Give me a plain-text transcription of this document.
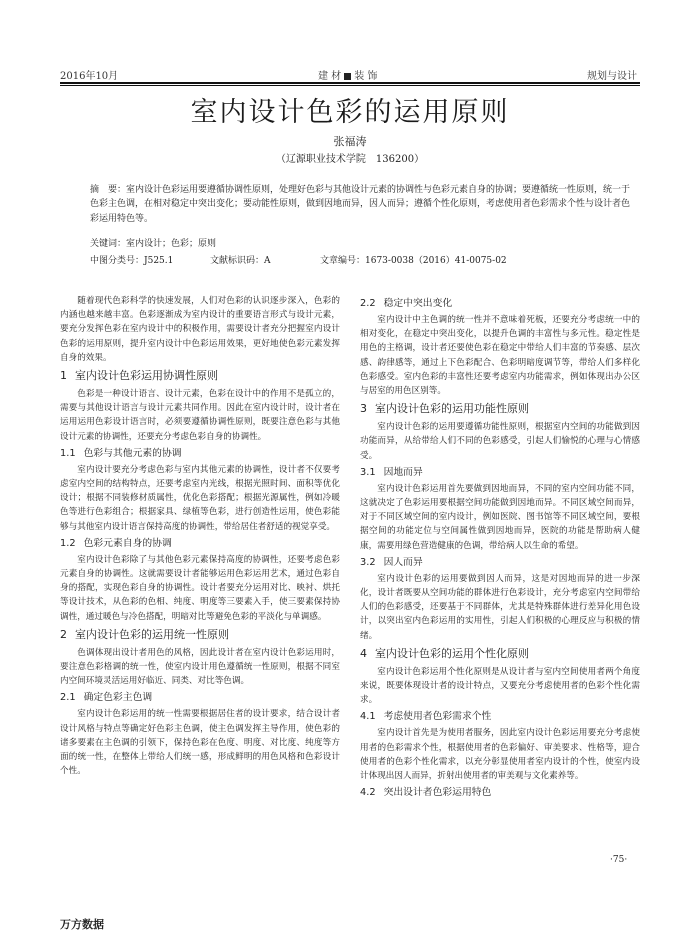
2016年10月	建 材 装 饰	规划与设计
室内设计色彩的运用原则
张福涛
（辽源职业技术学院　136200）
摘　要：室内设计色彩运用要遵循协调性原则，处理好色彩与其他设计元素的协调性与色彩元素自身的协调；要遵循统一性原则，统一于色彩主色调，在相对稳定中突出变化；要动能性原则，做到因地而异，因人而异；遵循个性化原则，考虑使用者色彩需求个性与设计者色彩运用特色等。
关键词：室内设计；色彩；原则
中图分类号：J525.1	文献标识码：A	文章编号：1673-0038（2016）41-0075-02
随着现代色彩科学的快速发展，人们对色彩的认识逐步深入，色彩的内涵也越来越丰富。色彩逐渐成为室内设计的重要语言形式与设计元素，要充分发挥色彩在室内设计中的积极作用，需要设计者充分把握室内设计色彩的运用原则，提升室内设计中色彩运用效果，更好地使色彩元素发挥自身的效果。
1 室内设计色彩运用协调性原则
色彩是一种设计语言、设计元素，色彩在设计中的作用不是孤立的，需要与其他设计语言与设计元素共同作用。因此在室内设计时，设计者在运用运用色彩设计语言时，必须要遵循协调性原则，既要注意色彩与其他设计元素的协调性，还要充分考虑色彩自身的协调性。
1.1 色彩与其他元素的协调
室内设计要充分考虑色彩与室内其他元素的协调性，设计者不仅要考虑室内空间的结构特点，还要考虑室内光线，根据光照时间、面积等优化设计；根据不同装修材质属性，优化色彩搭配；根据光源属性，例如冷暖色等进行色彩组合；根据家具、绿植等色彩，进行创造性运用，使色彩能够与其他室内设计语言保持高度的协调性，带给居住者舒适的视觉享受。
1.2 色彩元素自身的协调
室内设计色彩除了与其他色彩元素保持高度的协调性，还要考虑色彩元素自身的协调性。这就需要设计者能够运用色彩运用艺术，通过色彩自身的搭配，实现色彩自身的协调性。设计者要充分运用对比、映衬、烘托等设计技术，从色彩的色相、纯度、明度等三要素入手，使三要素保持协调性，通过暖色与冷色搭配，明暗对比等避免色彩的平淡化与单调感。
2 室内设计色彩的运用统一性原则
色调体现出设计者用色的风格，因此设计者在室内设计色彩运用时，要注意色彩格调的统一性，使室内设计用色遵循统一性原则，根据不同室内空间环境灵活运用好临近、同类、对比等色调。
2.1 确定色彩主色调
室内设计色彩运用的统一性需要根据居住者的设计要求，结合设计者设计风格与特点等确定好色彩主色调，使主色调发挥主导作用，使色彩的诸多要素在主色调的引领下，保持色彩在色度、明度、对比度、纯度等方面的统一性，在整体上带给人们统一感，形成鲜明的用色风格和色彩设计个性。
2.2 稳定中突出变化
室内设计中主色调的统一性并不意味着死板，还要充分考虑统一中的相对变化，在稳定中突出变化，以提升色调的丰富性与多元性。稳定性是用色的主格调，设计者还要使色彩在稳定中带给人们丰富的节奏感、层次感、韵律感等，通过上下色彩配合、色彩明暗度调节等，带给人们多样化色彩感受。室内色彩的丰富性还要考虑室内功能需求，例如体现出办公区与居室的用色区别等。
3 室内设计色彩的运用功能性原则
室内设计色彩的运用要遵循功能性原则，根据室内空间的功能做到因功能而异，从给带给人们不同的色彩感受，引起人们愉悦的心理与心情感受。
3.1 因地而异
室内设计色彩运用首先要做到因地而异，不同的室内空间功能不同，这就决定了色彩运用要根据空间功能做到因地而异。不同区域空间而异，对于不同区域空间的室内设计，例如医院、图书馆等不同区域空间，要根据空间的功能定位与空间属性做到因地而异，医院的功能是帮助病人健康，需要用绿色营造健康的色调，带给病人以生命的希望。
3.2 因人而异
室内设计色彩的运用要做到因人而异，这是对因地而异的进一步深化，设计者既要从空间功能的群体进行色彩设计，充分考虑室内空间带给人们的色彩感受，还要基于不同群体，尤其是特殊群体进行差异化用色设计，以突出室内色彩运用的实用性，引起人们积极的心理反应与积极的情绪。
4 室内设计色彩的运用个性化原则
室内设计色彩运用个性化原则是从设计者与室内空间使用者两个角度来说，既要体现设计者的设计特点，又要充分考虑使用者的色彩个性化需求。
4.1 考虑使用者色彩需求个性
室内设计首先是为使用者服务，因此室内设计色彩运用要充分考虑使用者的色彩需求个性，根据使用者的色彩偏好、审美要求、性格等，迎合使用者的色彩个性化需求，以充分彰显使用者室内设计的个性，使室内设计体现出因人而异，折射出使用者的审美观与文化素养等。
4.2 突出设计者色彩运用特色
·75·
万方数据
